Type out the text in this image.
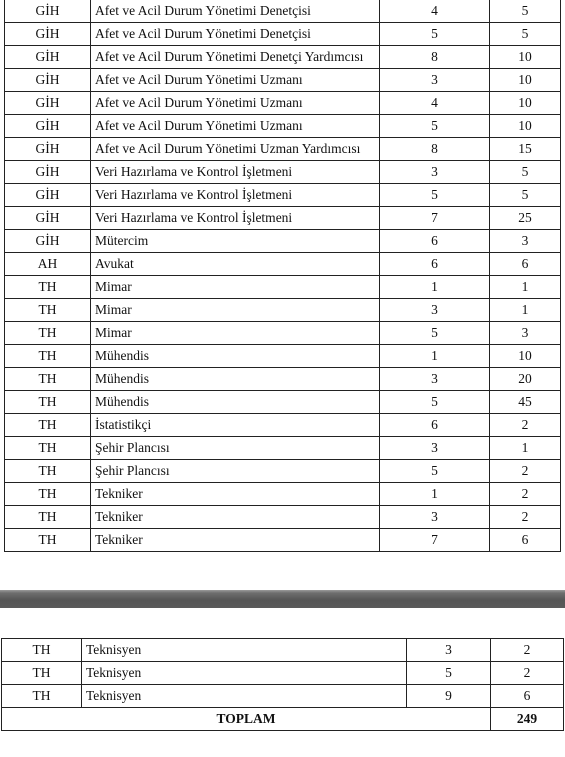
GİH	Afet ve Acil Durum Yönetimi Denetçisi	4	5
GİH	Afet ve Acil Durum Yönetimi Denetçisi	5	5
GİH	Afet ve Acil Durum Yönetimi Denetçi Yardımcısı	8	10
GİH	Afet ve Acil Durum Yönetimi Uzmanı	3	10
GİH	Afet ve Acil Durum Yönetimi Uzmanı	4	10
GİH	Afet ve Acil Durum Yönetimi Uzmanı	5	10
GİH	Afet ve Acil Durum Yönetimi Uzman Yardımcısı	8	15
GİH	Veri Hazırlama ve Kontrol İşletmeni	3	5
GİH	Veri Hazırlama ve Kontrol İşletmeni	5	5
GİH	Veri Hazırlama ve Kontrol İşletmeni	7	25
GİH	Mütercim	6	3
AH	Avukat	6	6
TH	Mimar	1	1
TH	Mimar	3	1
TH	Mimar	5	3
TH	Mühendis	1	10
TH	Mühendis	3	20
TH	Mühendis	5	45
TH	İstatistikçi	6	2
TH	Şehir Plancısı	3	1
TH	Şehir Plancısı	5	2
TH	Tekniker	1	2
TH	Tekniker	3	2
TH	Tekniker	7	6
TH	Teknisyen	3	2
TH	Teknisyen	5	2
TH	Teknisyen	9	6
TOPLAM			249
